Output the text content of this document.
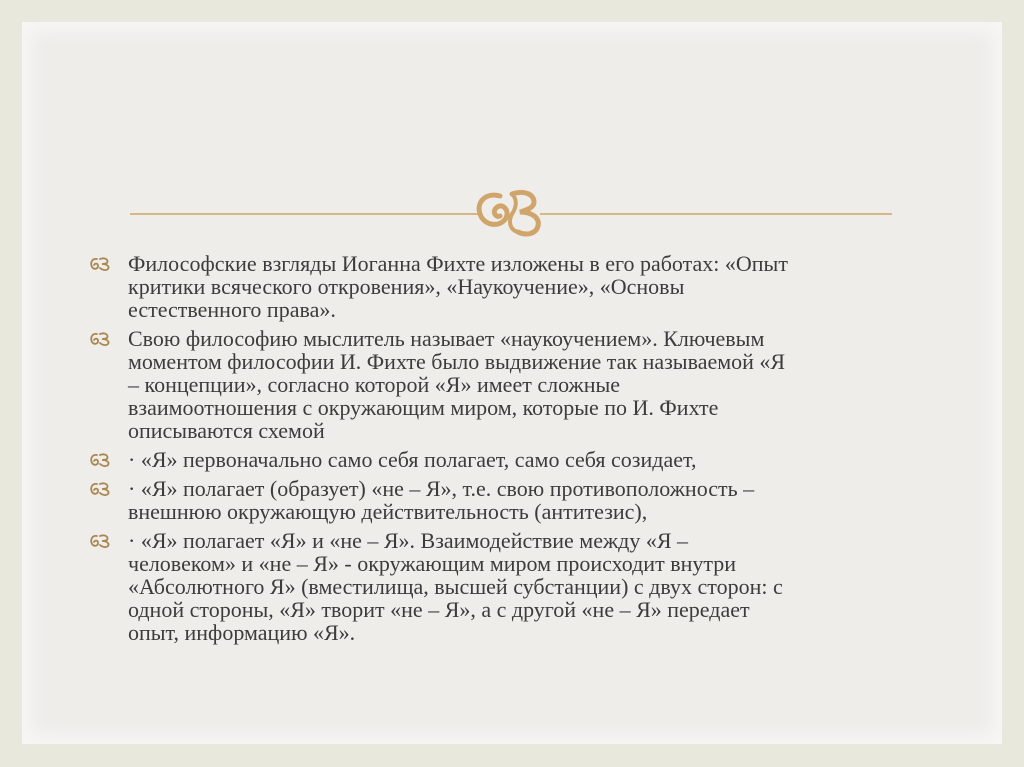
Философские взгляды Иоганна Фихте изложены в его работах: «Опыт
критики всяческого откровения», «Наукоучение», «Основы
естественного права».
Свою философию мыслитель называет «наукоучением». Ключевым
моментом философии И. Фихте было выдвижение так называемой «Я
– концепции», согласно которой «Я» имеет сложные
взаимоотношения с окружающим миром, которые по И. Фихте
описываются схемой
· «Я» первоначально само себя полагает, само себя созидает,
· «Я» полагает (образует) «не – Я», т.е. свою противоположность –
внешнюю окружающую действительность (антитезис),
· «Я» полагает «Я» и «не – Я». Взаимодействие между «Я –
человеком» и «не – Я» - окружающим миром происходит внутри
«Абсолютного Я» (вместилища, высшей субстанции) с двух сторон: с
одной стороны, «Я» творит «не – Я», а с другой «не – Я» передает
опыт, информацию «Я».
